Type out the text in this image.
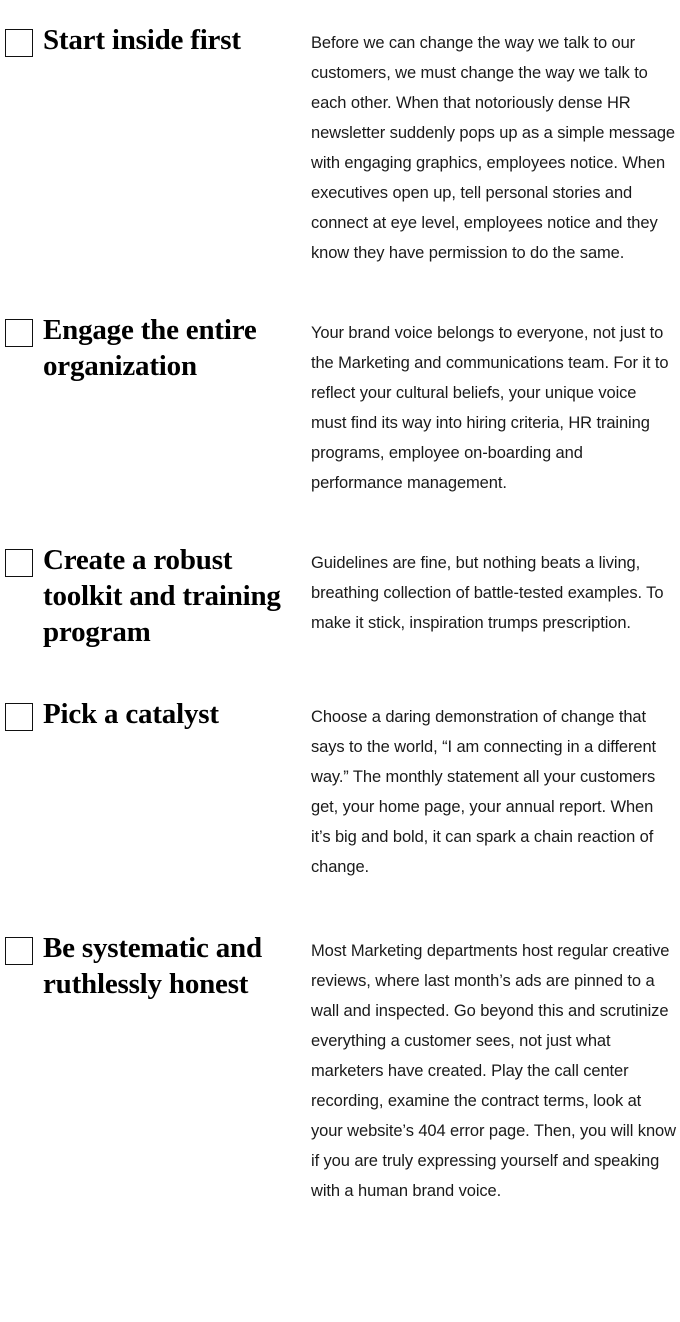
Start inside first	Before we can change the way we talk to our customers, we must change the way we talk to each other. When that notoriously dense HR newsletter suddenly pops up as a simple message with engaging graphics, employees notice. When executives open up, tell personal stories and connect at eye level, employees notice and they know they have permission to do the same.

Engage the entire organization

Your brand voice belongs to everyone, not just to the Marketing and communications team. For it to reflect your cultural beliefs, your unique voice must find its way into hiring criteria, HR training programs, employee on-boarding and performance management.

Create a robust toolkit and training program

Guidelines are fine, but nothing beats a living, breathing collection of battle-tested examples. To make it stick, inspiration trumps prescription.

Pick a catalyst	Choose a daring demonstration of change that says to the world, “I am connecting in a different way.” The monthly statement all your customers get, your home page, your annual report. When it’s big and bold, it can spark a chain reaction of change.

Be systematic and ruthlessly honest

Most Marketing departments host regular creative reviews, where last month’s ads are pinned to a wall and inspected. Go beyond this and scrutinize everything a customer sees, not just what marketers have created. Play the call center recording, examine the contract terms, look at your website’s 404 error page. Then, you will know if you are truly expressing yourself and speaking with a human brand voice.
